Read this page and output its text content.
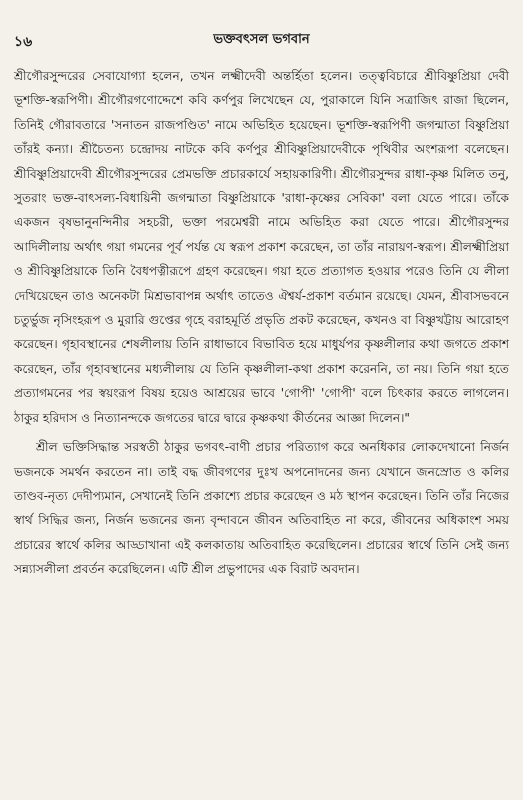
১৬	ভক্তবৎসল ভগবান

শ্রীগৌরসুন্দরের সেবাযোগ্যা হলেন, তখন লক্ষ্মীদেবী অন্তর্হিতা হলেন। তত্ত্ববিচারে শ্রীবিষ্ণুপ্রিয়া দেবী ভূশক্তি-স্বরূপিণী। শ্রীগৌরগণোদ্দেশে কবি কর্ণপুর লিখেছেন যে, পুরাকালে যিনি সত্রাজিৎ রাজা ছিলেন, তিনিই গৌরাবতারে 'সনাতন রাজপণ্ডিত' নামে অভিহিত হয়েছেন। ভূশক্তি-স্বরূপিণী জগন্মাতা বিষ্ণুপ্রিয়া তাঁরই কন্যা। শ্রীচৈতন্য চন্দ্রোদয় নাটকে কবি কর্ণপুর শ্রীবিষ্ণুপ্রিয়াদেবীকে পৃথিবীর অংশরূপা বলেছেন। শ্রীবিষ্ণুপ্রিয়াদেবী শ্রীগৌরসুন্দরের প্রেমভক্তি প্রচারকার্যে সহায়কারিণী। শ্রীগৌরসুন্দর রাধা-কৃষ্ণ মিলিত তনু, সুতরাং ভক্ত-বাৎসল্য-বিধায়িনী জগন্মাতা বিষ্ণুপ্রিয়াকে 'রাধা-কৃষ্ণের সেবিকা' বলা যেতে পারে। তাঁকে একজন বৃষভানুনন্দিনীর সহচরী, ভক্তা পরমেশ্বরী নামে অভিহিত করা যেতে পারে। শ্রীগৌরসুন্দর আদিলীলায় অর্থাৎ গয়া গমনের পূর্ব পর্যন্ত যে স্বরূপ প্রকাশ করেছেন, তা তাঁর নারায়ণ-স্বরূপ। শ্রীলক্ষ্মীপ্রিয়া ও শ্রীবিষ্ণুপ্রিয়াকে তিনি বৈধপত্নীরূপে গ্রহণ করেছেন। গয়া হতে প্রত্যাগত হওয়ার পরেও তিনি যে লীলা দেখিয়েছেন তাও অনেকটা মিশ্রভাবাপন্ন অর্থাৎ তাতেও ঐশ্বর্য-প্রকাশ বর্তমান রয়েছে। যেমন, শ্রীবাসভবনে চতুর্ভুজ নৃসিংহরূপ ও মুরারি গুপ্তের গৃহে বরাহমূর্তি প্রভৃতি প্রকট করেছেন, কখনও বা বিষ্ণুখট্টায় আরোহণ করেছেন। গৃহাবস্থানের শেষলীলায় তিনি রাধাভাবে বিভাবিত হয়ে মাধুর্যপর কৃষ্ণলীলার কথা জগতে প্রকাশ করেছেন, তাঁর গৃহাবস্থানের মধ্যলীলায় যে তিনি কৃষ্ণলীলা-কথা প্রকাশ করেননি, তা নয়। তিনি গয়া হতে প্রত্যাগমনের পর স্বয়ংরূপ বিষয় হয়েও আশ্রয়ের ভাবে 'গোপী' 'গোপী' বলে চিৎকার করতে লাগলেন। ঠাকুর হরিদাস ও নিত্যানন্দকে জগতের দ্বারে দ্বারে কৃষ্ণকথা কীর্তনের আজ্ঞা দিলেন।"

শ্রীল ভক্তিসিদ্ধান্ত সরস্বতী ঠাকুর ভগবৎ-বাণী প্রচার পরিত্যাগ করে অনধিকার লোকদেখানো নির্জন ভজনকে সমর্থন করতেন না। তাই বদ্ধ জীবগণের দুঃখ অপনোদনের জন্য যেখানে জনস্রোত ও কলির তাণ্ডব-নৃত্য দেদীপ্যমান, সেখানেই তিনি প্রকাশ্যে প্রচার করেছেন ও মঠ স্থাপন করেছেন। তিনি তাঁর নিজের স্বার্থ সিদ্ধির জন্য, নির্জন ভজনের জন্য বৃন্দাবনে জীবন অতিবাহিত না করে, জীবনের অধিকাংশ সময় প্রচারের স্বার্থে কলির আড্ডাখানা এই কলকাতায় অতিবাহিত করেছিলেন। প্রচারের স্বার্থে তিনি সেই জন্য সন্ন্যাসলীলা প্রবর্তন করেছিলেন। এটি শ্রীল প্রভুপাদের এক বিরাট অবদান।
